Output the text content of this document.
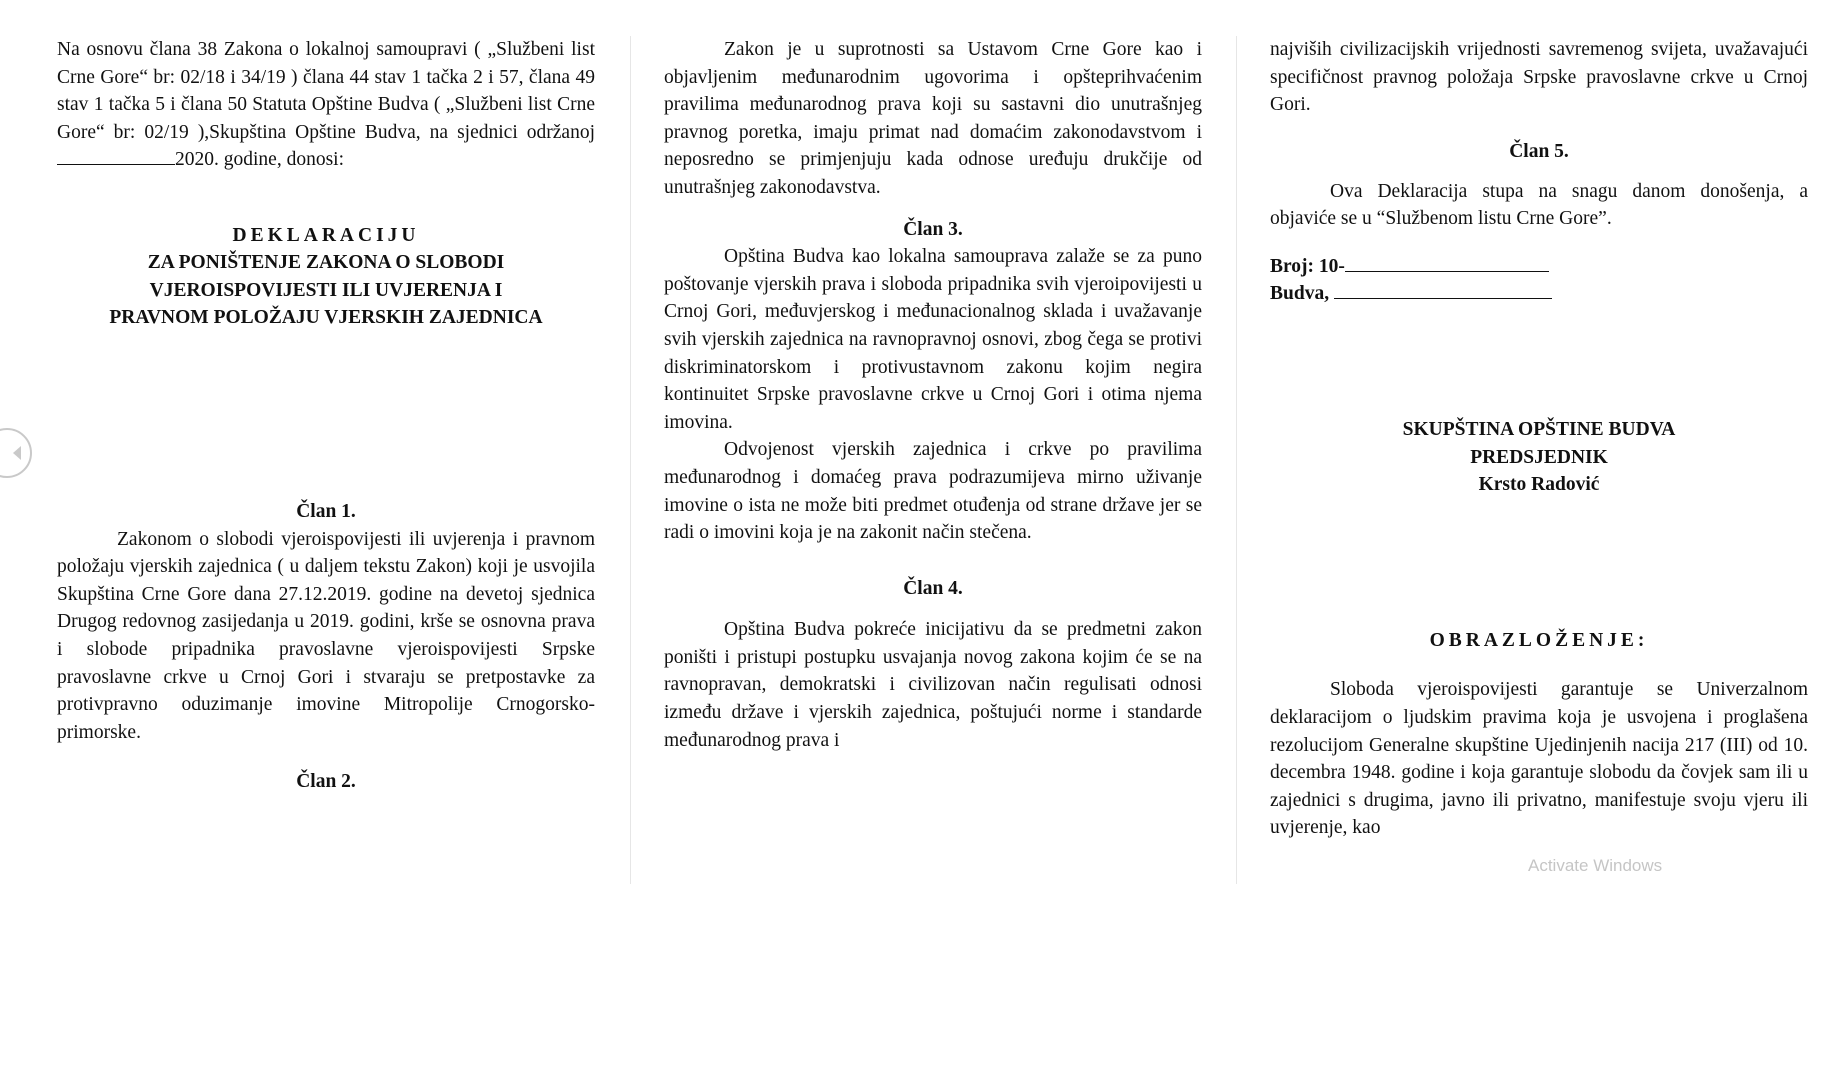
Na osnovu člana 38 Zakona o lokalnoj samoupravi ( „Službeni list Crne Gore“ br: 02/18 i 34/19 ) člana 44 stav 1 tačka 2 i 57, člana 49 stav 1 tačka 5 i člana 50 Statuta Opštine Budva ( „Službeni list Crne Gore“ br: 02/19 ),Skupština Opštine Budva, na sjednici održanoj2020. godine, donosi:

DEKLARACIJU

ZA PONIŠTENJE ZAKONA O SLOBODI

VJEROISPOVIJESTI ILI UVJERENJA I

PRAVNOM POLOŽAJU VJERSKIH ZAJEDNICA

Član 1.

Zakonom o slobodi vjeroispovijesti ili uvjerenja i pravnom položaju vjerskih zajednica ( u daljem tekstu Zakon) koji je usvojila Skupština Crne Gore dana 27.12.2019. godine na devetoj sjednica Drugog redovnog zasijedanja u 2019. godini, krše se osnovna prava i slobode pripadnika pravoslavne vjeroispovijesti Srpske pravoslavne crkve u Crnoj Gori i stvaraju se pretpostavke za protivpravno oduzimanje imovine Mitropolije Crnogorsko-primorske.

Član 2.

Zakon je u suprotnosti sa Ustavom Crne Gore kao i objavljenim međunarodnim ugovorima i opšteprihvaćenim pravilima međunarodnog prava koji su sastavni dio unutrašnjeg pravnog poretka, imaju primat nad domaćim zakonodavstvom i neposredno se primjenjuju kada odnose uređuju drukčije od unutrašnjeg zakonodavstva.

Član 3.

Opština Budva kao lokalna samouprava zalaže se za puno poštovanje vjerskih prava i sloboda pripadnika svih vjeroipovijesti u Crnoj Gori, međuvjerskog i međunacionalnog sklada i uvažavanje svih vjerskih zajednica na ravnopravnoj osnovi, zbog čega se protivi diskriminatorskom i protivustavnom zakonu kojim negira kontinuitet Srpske pravoslavne crkve u Crnoj Gori i otima njema imovina.

Odvojenost vjerskih zajednica i crkve po pravilima međunarodnog i domaćeg prava podrazumijeva mirno uživanje imovine o ista ne može biti predmet otuđenja od strane države jer se radi o imovini koja je na zakonit način stečena.

Član 4.

Opština Budva pokreće inicijativu da se predmetni zakon poništi i pristupi postupku usvajanja novog zakona kojim će se na ravnopravan, demokratski i civilizovan način regulisati odnosi između države i vjerskih zajednica, poštujući norme i standarde međunarodnog prava i

najviših civilizacijskih vrijednosti savremenog svijeta, uvažavajući specifičnost pravnog položaja Srpske pravoslavne crkve u Crnoj Gori.

Član 5.

Ova Deklaracija stupa na snagu danom donošenja, a objaviće se u “Službenom listu Crne Gore”.

Broj: 10-

Budva,

SKUPŠTINA OPŠTINE BUDVA

PREDSJEDNIK

Krsto Radović

OBRAZLOŽENJE:

Sloboda vjeroispovijesti garantuje se Univerzalnom deklaracijom o ljudskim pravima koja je usvojena i proglašena rezolucijom Generalne skupštine Ujedinjenih nacija 217 (III) od 10. decembra 1948. godine i koja garantuje slobodu da čovjek sam ili u zajednici s drugima, javno ili privatno, manifestuje svoju vjeru ili uvjerenje, kao

Activate Windows
